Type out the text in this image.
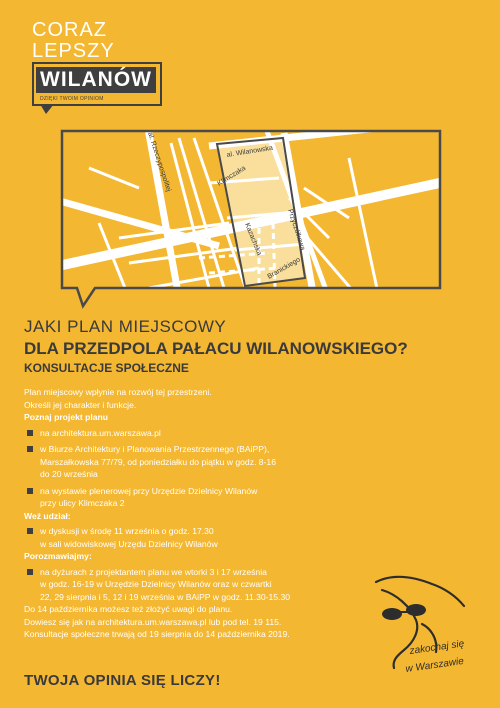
CORAZ
LEPSZY
WILANÓW
DZIĘKI TWOIM OPINIOM
al. Wilanowska
al. Rzeczypospolitej	Klimczaka
Przyczółkowa
Kazachska
Branickiego
JAKI PLAN MIEJSCOWY
DLA PRZEDPOLA PAŁACU WILANOWSKIEGO?
KONSULTACJE SPOŁECZNE

Plan miejscowy wpłynie na rozwój tej przestrzeni.

Określi jej charakter i funkcje.

Poznaj projekt planu

na architektura.um.warszawa.pl

w Biurze Architektury i Planowania Przestrzennego (BAiPP),

Marszałkowska 77/79, od poniedziałku do piątku w godz. 8-16

do 20 września

na wystawie plenerowej przy Urzędzie Dzielnicy Wilanów

przy ulicy Klimczaka 2

Weź udział:

w dyskusji w środę 11 września o godz. 17.30

w sali widowiskowej Urzędu Dzielnicy Wilanów

Porozmawiajmy:

na dyżurach z projektantem planu we wtorki 3 i 17 września

w godz. 16-19 w Urzędzie Dzielnicy Wilanów oraz w czwartki

22, 29 sierpnia i 5, 12 i 19 września w BAiPP w godz. 11.30-15.30

Do 14 października możesz też złożyć uwagi do planu.

Dowiesz się jak na architektura.um.warszawa.pl lub pod tel. 19 115.

Konsultacje społeczne trwają od 19 sierpnia do 14 października 2019.

TWOJA OPINIA SIĘ LICZY!
zakochaj się
w Warszawie
